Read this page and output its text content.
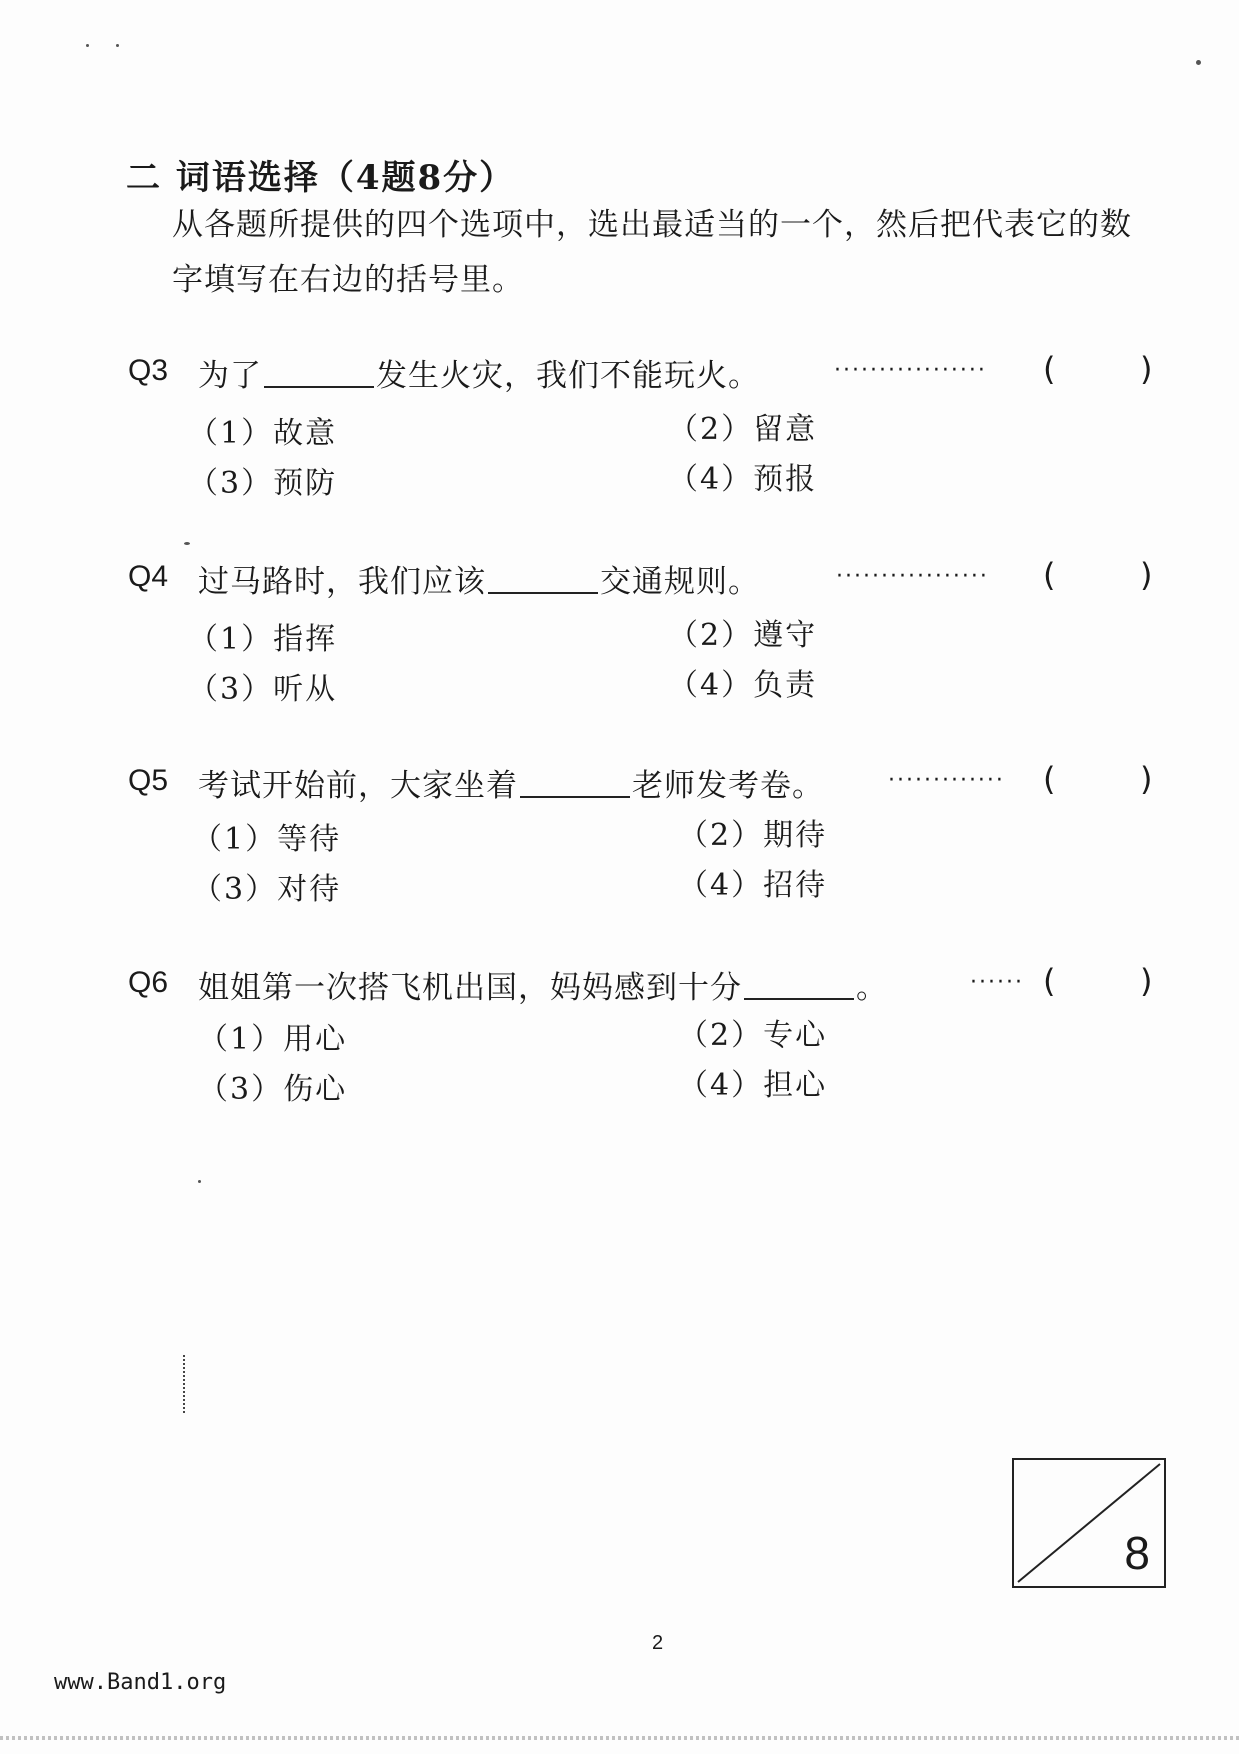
二 词语选择（4题8分）
从各题所提供的四个选项中，选出最适当的一个，然后把代表它的数字填写在右边的括号里。
Q3 为了	发生火灾，我们不能玩火。	················· (	)
（1）故意	（2）留意
（3）预防	（4）预报
Q4 过马路时，我们应该	交通规则。	················· (	)
（1）指挥	（2）遵守
（3）听从	（4）负责
Q5 考试开始前，大家坐着	老师发考卷。	············· (	)
（1）等待	（2）期待
（3）对待	（4）招待
Q6 姐姐第一次搭飞机出国，妈妈感到十分	。	······ (	)
（1）用心	（2）专心
（3）伤心	（4）担心
8
2
www.Band1.org
